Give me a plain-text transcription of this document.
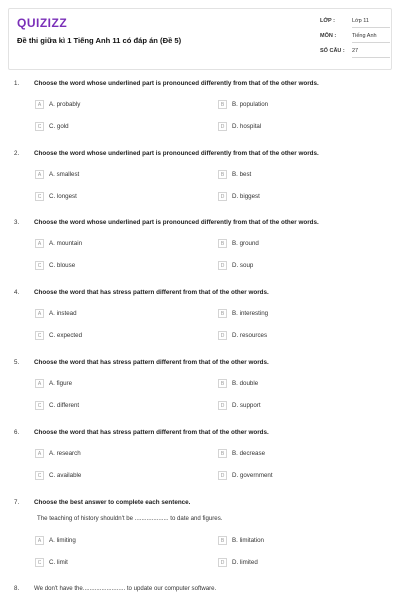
QUIZIZZ
Đề thi giữa kì 1 Tiếng Anh 11 có đáp án (Đề 5)
LỚP :	Lớp 11
MÔN :	Tiếng Anh
SỐ CÂU : 27
1. Choose the word whose underlined part is pronounced differently from that of the other words.
A	A. probably	B	B. population
C	C. gold	D	D. hospital
2. Choose the word whose underlined part is pronounced differently from that of the other words.
A	A. smallest	B	B. best
C	C. longest	D	D. biggest
3. Choose the word whose underlined part is pronounced differently from that of the other words.
A	A. mountain	B	B. ground
C	C. blouse	D	D. soup
4. Choose the word that has stress pattern different from that of the other words.
A	A. instead	B	B. interesting
C	C. expected	D	D. resources
5. Choose the word that has stress pattern different from that of the other words.
A	A. figure	B	B. double
C	C. different	D	D. support
6. Choose the word that has stress pattern different from that of the other words.
A	A. research	B	B. decrease
C	C. available	D	D. government
7. Choose the best answer to complete each sentence.
The teaching of history shouldn't be .................... to date and figures.
A	A. limiting	B	B. limitation
C	C. limit	D	D. limited
8. We don't have the......................... to update our computer software.
